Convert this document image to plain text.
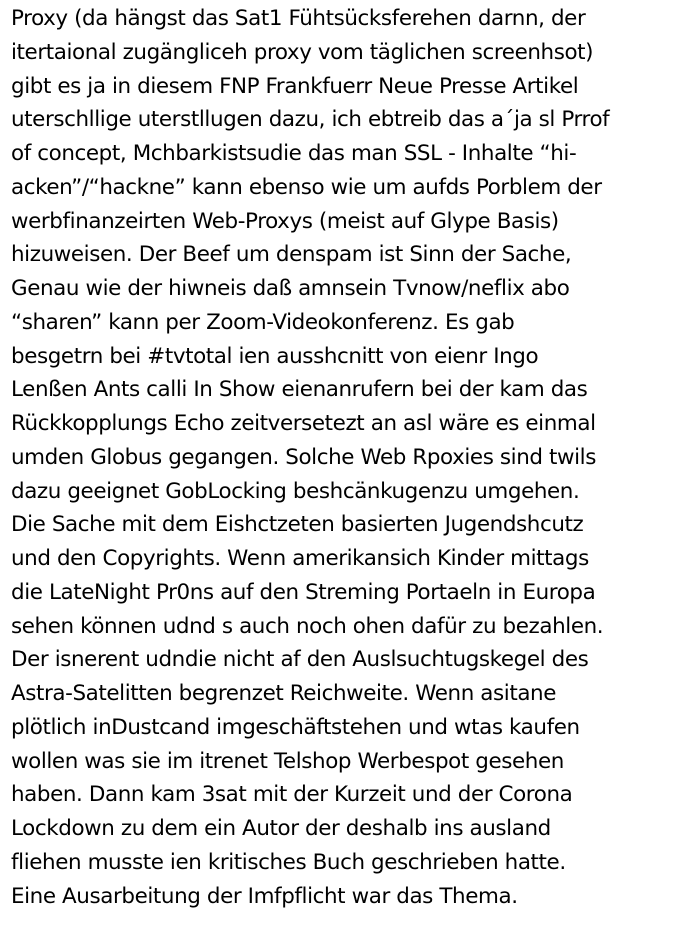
Proxy (da hängst das Sat1 Fühtsücksferehen darnn, der
itertaional zugängliceh proxy vom täglichen screenhsot)
gibt es ja in diesem FNP Frankfuerr Neue Presse Artikel
uterschllige uterstllugen dazu, ich ebtreib das a´ja sl Prrof
of concept, Mchbarkistsudie das man SSL - Inhalte “hi-
acken”/“hackne” kann ebenso wie um aufds Porblem der
werbfinanzeirten Web-Proxys (meist auf Glype Basis)
hizuweisen. Der Beef um denspam ist Sinn der Sache,
Genau wie der hiwneis daß amnsein Tvnow/neflix abo
“sharen” kann per Zoom-Videokonferenz. Es gab
besgetrn bei #tvtotal ien ausshcnitt von eienr Ingo
Lenßen Ants calli In Show eienanrufern bei der kam das
Rückkopplungs Echo zeitversetezt an asl wäre es einmal
umden Globus gegangen. Solche Web Rpoxies sind twils
dazu geeignet GobLocking beshcänkugenzu umgehen.
Die Sache mit dem Eishctzeten basierten Jugendshcutz
und den Copyrights. Wenn amerikansich Kinder mittags
die LateNight Pr0ns auf den Streming Portaeln in Europa
sehen können udnd s auch noch ohen dafür zu bezahlen.
Der isnerent udndie nicht af den Auslsuchtugskegel des
Astra-Satelitten begrenzet Reichweite. Wenn asitane
plötlich inDustcand imgeschäftstehen und wtas kaufen
wollen was sie im itrenet Telshop Werbespot gesehen
haben. Dann kam 3sat mit der Kurzeit und der Corona
Lockdown zu dem ein Autor der deshalb ins ausland
fliehen musste ien kritisches Buch geschrieben hatte.
Eine Ausarbeitung der Imfpflicht war das Thema.
